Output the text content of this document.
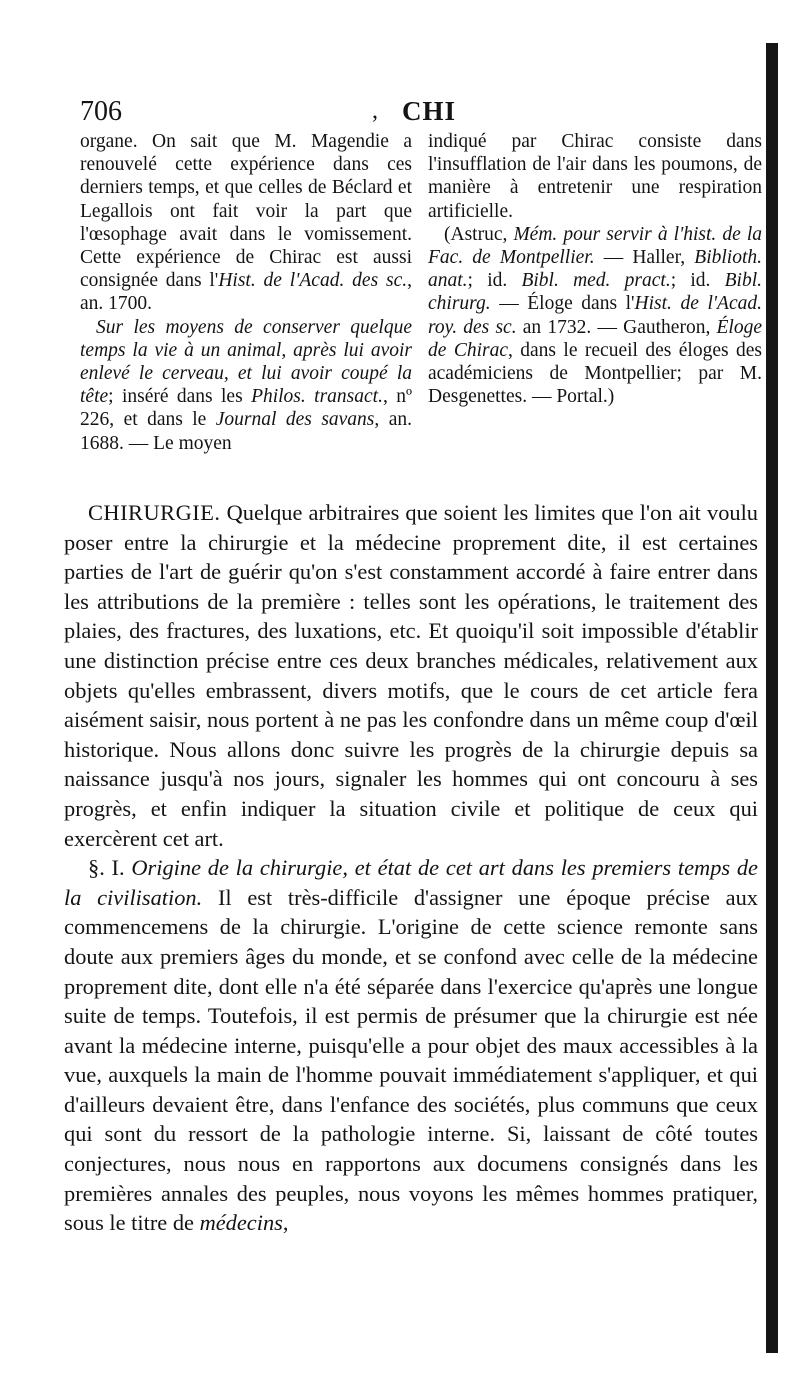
706	, CHI

organe. On sait que M. Magendie a renouvelé cette expérience dans ces derniers temps, et que celles de Béclard et Legallois ont fait voir la part que l'œsophage avait dans le vomissement. Cette expérience de Chirac est aussi consignée dans l'Hist. de l'Acad. des sc., an. 1700.

Sur les moyens de conserver quelque temps la vie à un animal, après lui avoir enlevé le cerveau, et lui avoir coupé la tête; inséré dans les Philos. transact., nº 226, et dans le Journal des savans, an. 1688. — Le moyen

indiqué par Chirac consiste dans l'insufflation de l'air dans les poumons, de manière à entretenir une respiration artificielle.

(Astruc, Mém. pour servir à l'hist. de la Fac. de Montpellier. — Haller, Biblioth. anat.; id. Bibl. med. pract.; id. Bibl. chirurg. — Éloge dans l'Hist. de l'Acad. roy. des sc. an 1732. — Gautheron, Éloge de Chirac, dans le recueil des éloges des académiciens de Montpellier; par M. Desgenettes. — Portal.)

CHIRURGIE. Quelque arbitraires que soient les limites que l'on ait voulu poser entre la chirurgie et la médecine proprement dite, il est certaines parties de l'art de guérir qu'on s'est constamment accordé à faire entrer dans les attributions de la première : telles sont les opérations, le traitement des plaies, des fractures, des luxations, etc. Et quoiqu'il soit impossible d'établir une distinction précise entre ces deux branches médicales, relativement aux objets qu'elles embrassent, divers motifs, que le cours de cet article fera aisément saisir, nous portent à ne pas les confondre dans un même coup d'œil historique. Nous allons donc suivre les progrès de la chirurgie depuis sa naissance jusqu'à nos jours, signaler les hommes qui ont concouru à ses progrès, et enfin indiquer la situation civile et politique de ceux qui exercèrent cet art.

§. I. Origine de la chirurgie, et état de cet art dans les premiers temps de la civilisation. Il est très-difficile d'assigner une époque précise aux commencemens de la chirurgie. L'origine de cette science remonte sans doute aux premiers âges du monde, et se confond avec celle de la médecine proprement dite, dont elle n'a été séparée dans l'exercice qu'après une longue suite de temps. Toutefois, il est permis de présumer que la chirurgie est née avant la médecine interne, puisqu'elle a pour objet des maux accessibles à la vue, auxquels la main de l'homme pouvait immédiatement s'appliquer, et qui d'ailleurs devaient être, dans l'enfance des sociétés, plus communs que ceux qui sont du ressort de la pathologie interne. Si, laissant de côté toutes conjectures, nous nous en rapportons aux documens consignés dans les premières annales des peuples, nous voyons les mêmes hommes pratiquer, sous le titre de médecins,
